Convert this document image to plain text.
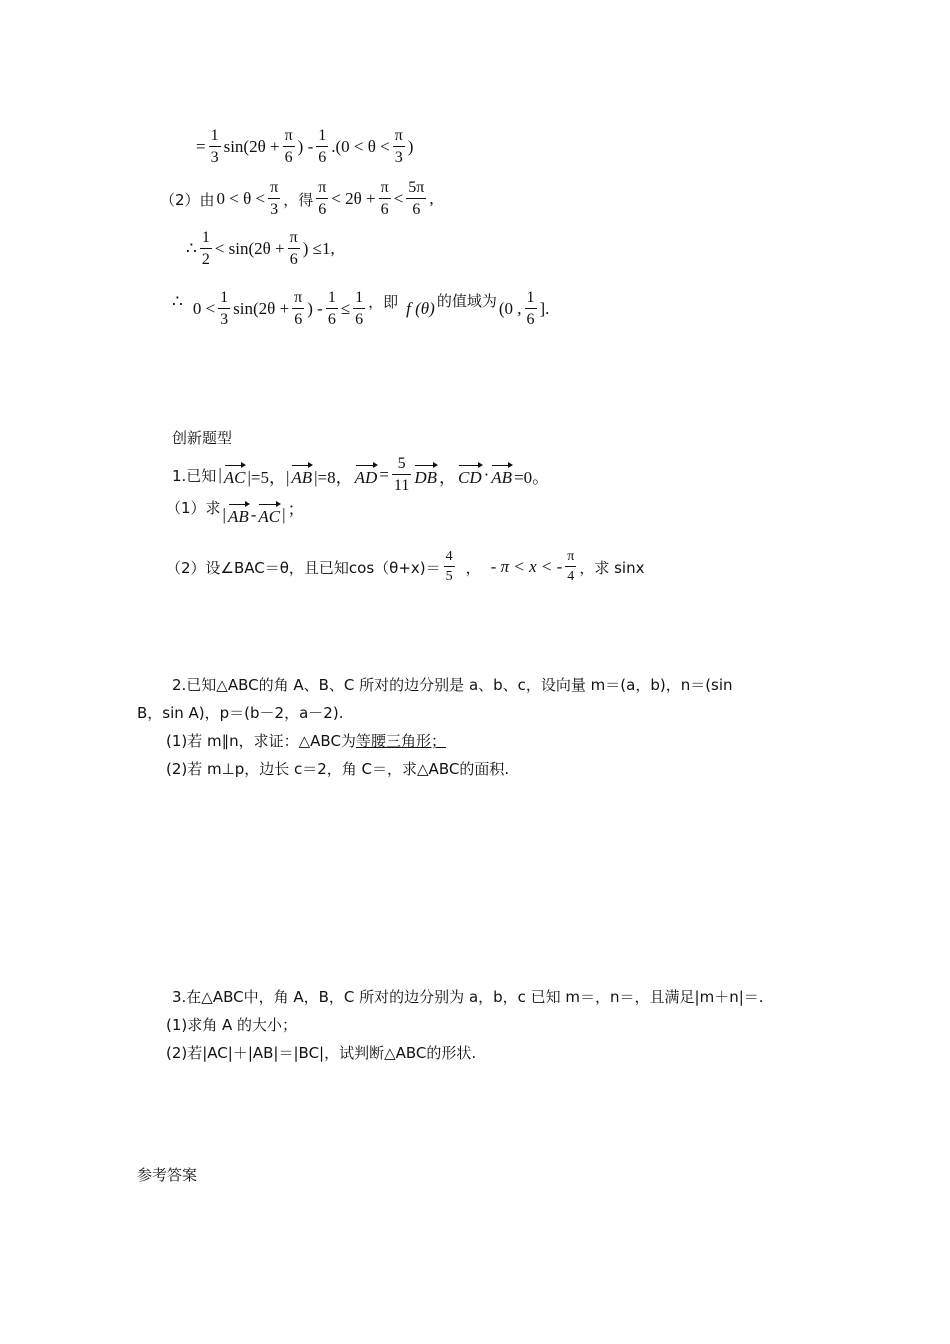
= $\frac{1}{3} \sin(2\theta + \frac{\pi}{6}$ ) - $\frac{1}{6} .(0 < \theta < \frac{\pi}{3}$ )
（2）由 $0 < \theta < \frac{\pi}{3}$ ，得 $\frac{\pi}{6} < 2\theta + \frac{\pi}{6} < \frac{5\pi}{6}$ ,
∴ $\frac{1}{2} < \sin(2\theta + \frac{\pi}{6}$ ) ≤1,
∴ $0 < \frac{1}{3} \sin(2\theta + \frac{\pi}{6}$ ) - $\frac{1}{6} \le \frac{1}{6}$ ，即 f (θ) 的值域为 (0 , $\frac{1}{6}$ ].
创新题型
1.已知 | AC |=5，| AB |=8， AD = $\frac{5}{11}$ DB ， CD · AB =0。
（1）求 | AB - AC | ；
（2）设∠BAC＝θ，且已知$\cos(\theta+x)= \frac{4}{5}$ ， - π < x < - $\frac{\pi}{4}$ ，求 sinx
2.已知△ABC的角 A、B、C 所对的边分别是 a、b、c，设向量 m＝(a，b)，n＝(sin
B，sin A)，p＝(b－2，a－2).
(1)若 m∥n，求证：△ABC为等腰三角形；
(2)若 m⊥p，边长 c＝2，角 C＝，求△ABC的面积.
3.在△ABC中，角 A，B，C 所对的边分别为 a，b，c 已知 m＝，n＝，且满足|m＋n|＝.
(1)求角 A 的大小；
(2)若|AC|＋|AB|＝|BC|，试判断△ABC的形状.
参考答案
